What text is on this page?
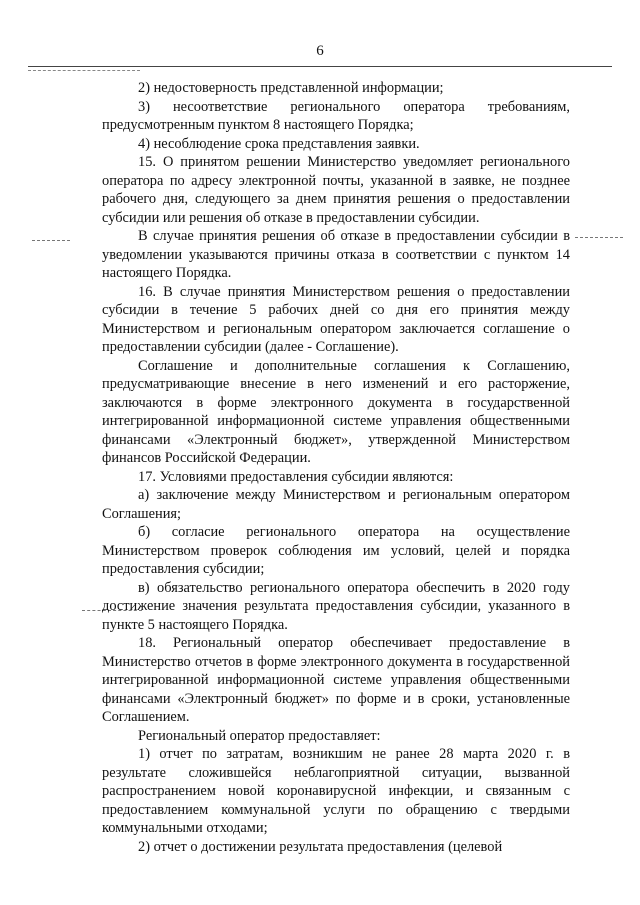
6

2) недостоверность представленной информации;

3) несоответствие регионального оператора требованиям, предусмотренным пунктом 8 настоящего Порядка;

4) несоблюдение срока представления заявки.

15. О принятом решении Министерство уведомляет регионального оператора по адресу электронной почты, указанной в заявке, не позднее рабочего дня, следующего за днем принятия решения о предоставлении субсидии или решения об отказе в предоставлении субсидии.

В случае принятия решения об отказе в предоставлении субсидии в уведомлении указываются причины отказа в соответствии с пунктом 14 настоящего Порядка.

16. В случае принятия Министерством решения о предоставлении субсидии в течение 5 рабочих дней со дня его принятия между Министерством и региональным оператором заключается соглашение о предоставлении субсидии (далее - Соглашение).

Соглашение и дополнительные соглашения к Соглашению, предусматривающие внесение в него изменений и его расторжение, заключаются в форме электронного документа в государственной интегрированной информационной системе управления общественными финансами «Электронный бюджет», утвержденной Министерством финансов Российской Федерации.

17. Условиями предоставления субсидии являются:

а) заключение между Министерством и региональным оператором Соглашения;

б) согласие регионального оператора на осуществление Министерством проверок соблюдения им условий, целей и порядка предоставления субсидии;

в) обязательство регионального оператора обеспечить в 2020 году достижение значения результата предоставления субсидии, указанного в пункте 5 настоящего Порядка.

18. Региональный оператор обеспечивает предоставление в Министерство отчетов в форме электронного документа в государственной интегрированной информационной системе управления общественными финансами «Электронный бюджет» по форме и в сроки, установленные Соглашением.

Региональный оператор предоставляет:

1) отчет по затратам, возникшим не ранее 28 марта 2020 г. в результате сложившейся неблагоприятной ситуации, вызванной распространением новой коронавирусной инфекции, и связанным с предоставлением коммунальной услуги по обращению с твердыми коммунальными отходами;

2) отчет о достижении результата предоставления (целевой
